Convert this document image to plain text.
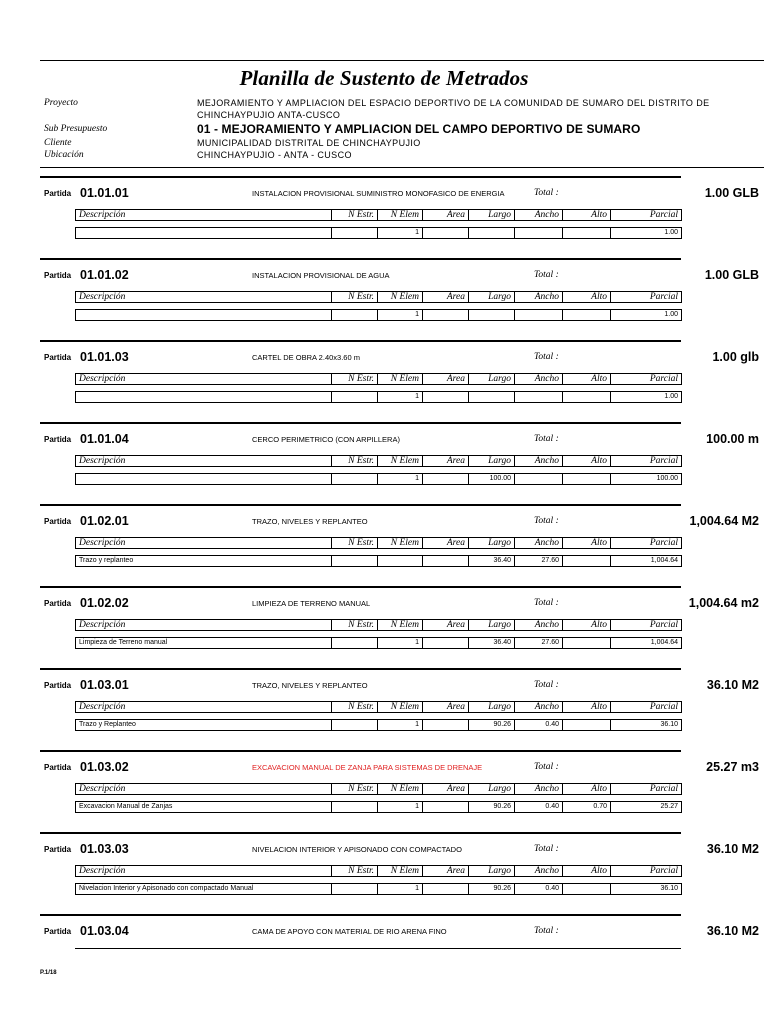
Planilla de Sustento de Metrados
Proyecto	MEJORAMIENTO Y AMPLIACION DEL ESPACIO DEPORTIVO DE LA COMUNIDAD DE SUMARO DEL DISTRITO DE
CHINCHAYPUJIO ANTA-CUSCO
Sub Presupuesto	01 - MEJORAMIENTO Y AMPLIACION DEL CAMPO DEPORTIVO DE SUMARO
Cliente	MUNICIPALIDAD DISTRITAL DE CHINCHAYPUJIO
Ubicación	CHINCHAYPUJIO - ANTA - CUSCO
Partida 01.01.01	INSTALACION PROVISIONAL SUMINISTRO MONOFASICO DE ENERGIA	Total :	1.00 GLB
Descripción	N Estr.	N Elem	Area	Largo	Ancho	Alto	Parcial

		1					1.00
Partida 01.01.02	INSTALACION PROVISIONAL DE AGUA	Total :	1.00 GLB
Descripción	N Estr.	N Elem	Area	Largo	Ancho	Alto	Parcial

		1					1.00
Partida 01.01.03	CARTEL DE OBRA 2.40x3.60 m	Total :	1.00 glb
Descripción	N Estr.	N Elem	Area	Largo	Ancho	Alto	Parcial

		1					1.00
Partida 01.01.04	CERCO PERIMETRICO (CON ARPILLERA)	Total :	100.00 m
Descripción	N Estr.	N Elem	Area	Largo	Ancho	Alto	Parcial

		1		100.00			100.00
Partida 01.02.01	TRAZO, NIVELES Y REPLANTEO	Total :	1,004.64 M2
Descripción	N Estr.	N Elem	Area	Largo	Ancho	Alto	Parcial

Trazo y replanteo				36.40	27.60		1,004.64
Partida 01.02.02	LIMPIEZA DE TERRENO MANUAL	Total :	1,004.64 m2
Descripción	N Estr.	N Elem	Area	Largo	Ancho	Alto	Parcial

Limpieza de Terreno manual		1		36.40	27.60		1,004.64
Partida 01.03.01	TRAZO, NIVELES Y REPLANTEO	Total :	36.10 M2
Descripción	N Estr.	N Elem	Area	Largo	Ancho	Alto	Parcial

Trazo y Replanteo		1		90.26	0.40		36.10
Partida 01.03.02	EXCAVACION MANUAL DE ZANJA PARA SISTEMAS DE DRENAJE	Total :	25.27 m3
Descripción	N Estr.	N Elem	Area	Largo	Ancho	Alto	Parcial

Excavacion Manual de Zanjas		1		90.26	0.40	0.70	25.27
Partida 01.03.03	NIVELACION INTERIOR Y APISONADO CON COMPACTADO	Total :	36.10 M2
Descripción	N Estr.	N Elem	Area	Largo	Ancho	Alto	Parcial

Nivelacion Interior y Apisonado con compactado Manual		1		90.26	0.40		36.10
Partida 01.03.04	CAMA DE APOYO CON MATERIAL DE RIO ARENA FINO	Total :	36.10 M2
P.1/18
